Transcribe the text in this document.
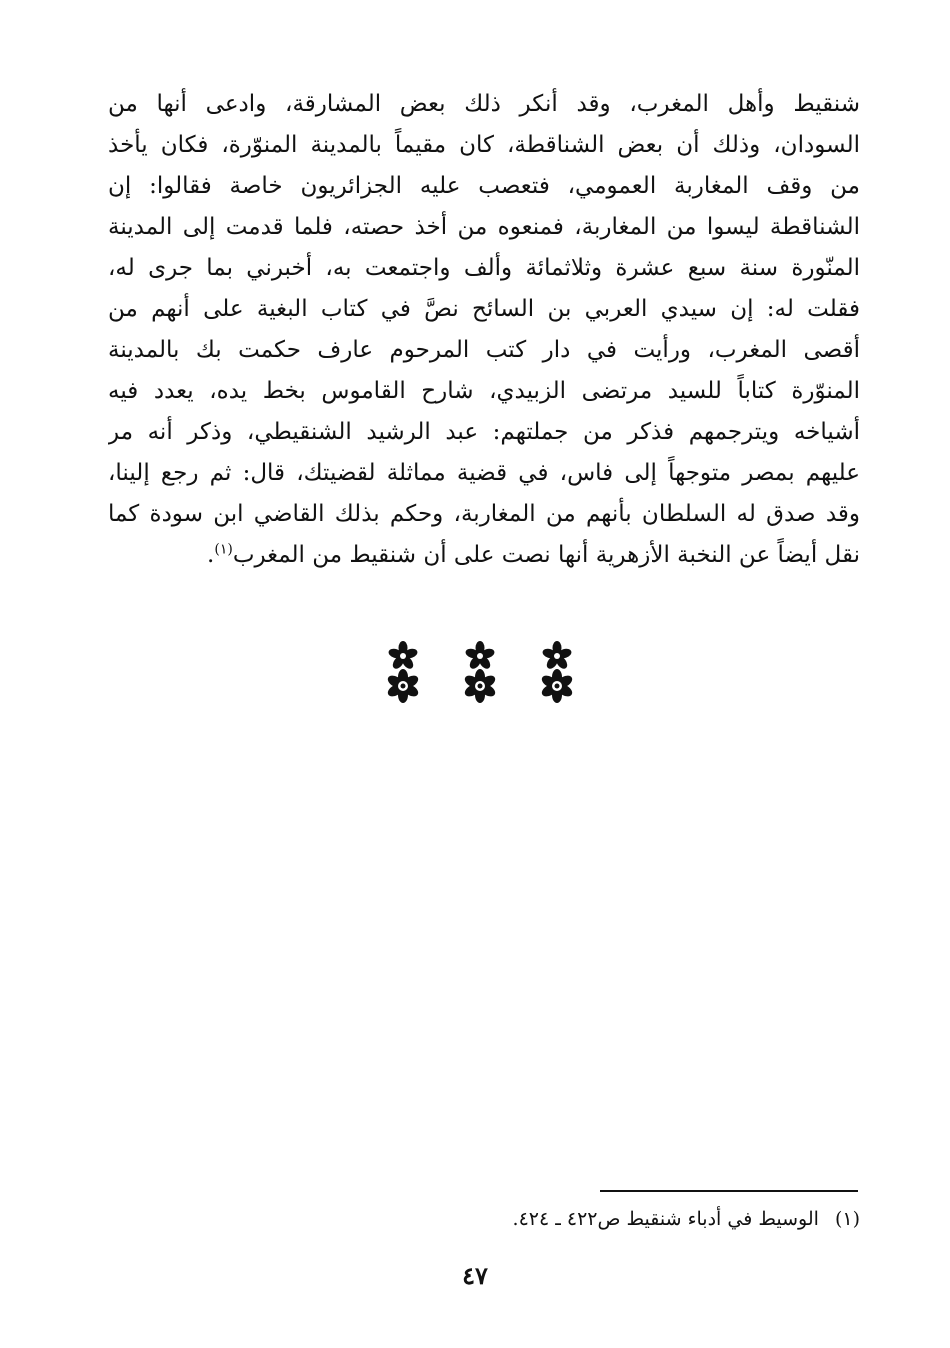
شنقيط وأهل المغرب، وقد أنكر ذلك بعض المشارقة، وادعى أنها من
السودان، وذلك أن بعض الشناقطة، كان مقيماً بالمدينة المنوّرة، فكان يأخذ
من وقف المغاربة العمومي، فتعصب عليه الجزائريون خاصة فقالوا: إن
الشناقطة ليسوا من المغاربة، فمنعوه من أخذ حصته، فلما قدمت إلى المدينة
المنّورة سنة سبع عشرة وثلاثمائة وألف واجتمعت به، أخبرني بما جرى له،
فقلت له: إن سيدي العربي بن السائح نصَّ في كتاب البغية على أنهم من
أقصى المغرب، ورأيت في دار كتب المرحوم عارف حكمت بك بالمدينة
المنوّرة كتاباً للسيد مرتضى الزبيدي، شارح القاموس بخط يده، يعدد فيه
أشياخه ويترجمهم فذكر من جملتهم: عبد الرشيد الشنقيطي، وذكر أنه مر
عليهم بمصر متوجهاً إلى فاس، في قضية مماثلة لقضيتك، قال: ثم رجع إلينا،
وقد صدق له السلطان بأنهم من المغاربة، وحكم بذلك القاضي ابن سودة كما
نقل أيضاً عن النخبة الأزهرية أنها نصت على أن شنقيط من المغرب$^{(١)}$.
(١) الوسيط في أدباء شنقيط ص٤٢٢ ـ ٤٢٤.
٤٧
